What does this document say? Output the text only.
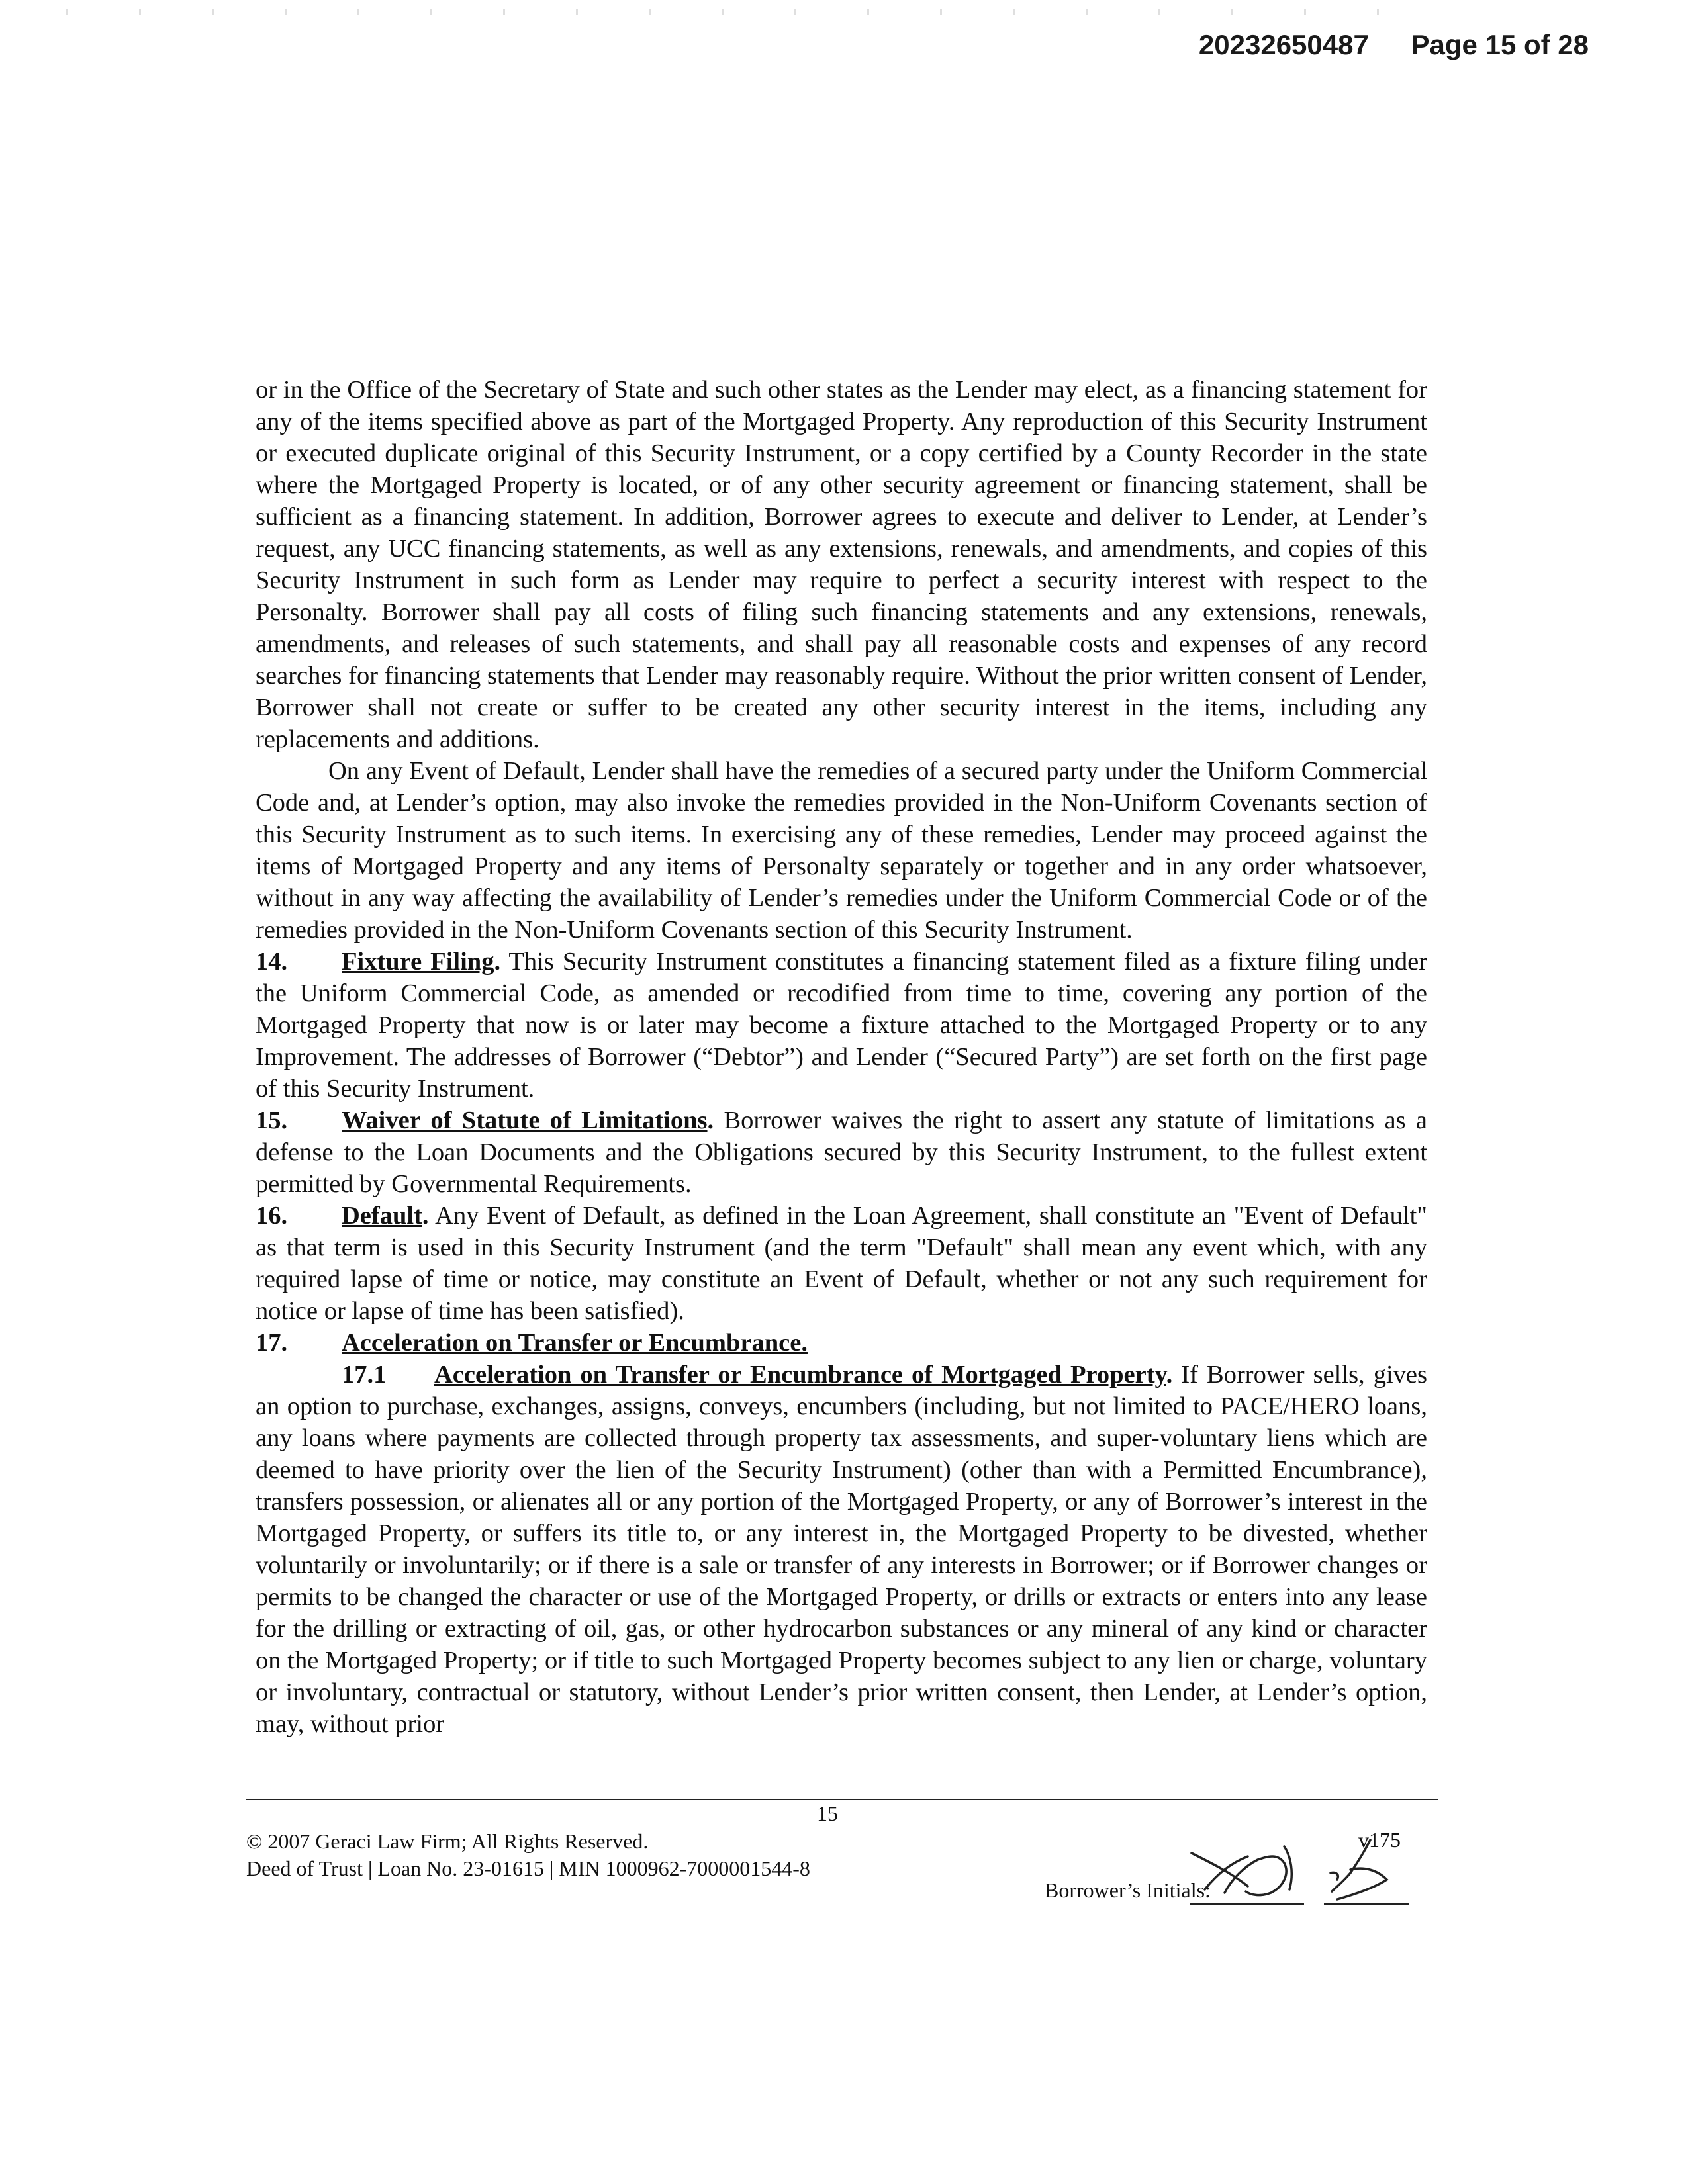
20232650487 Page 15 of 28

or in the Office of the Secretary of State and such other states as the Lender may elect, as a financing statement for any of the items specified above as part of the Mortgaged Property. Any reproduction of this Security Instrument or executed duplicate original of this Security Instrument, or a copy certified by a County Recorder in the state where the Mortgaged Property is located, or of any other security agreement or financing statement, shall be sufficient as a financing statement. In addition, Borrower agrees to execute and deliver to Lender, at Lender’s request, any UCC financing statements, as well as any extensions, renewals, and amendments, and copies of this Security Instrument in such form as Lender may require to perfect a security interest with respect to the Personalty. Borrower shall pay all costs of filing such financing statements and any extensions, renewals, amendments, and releases of such statements, and shall pay all reasonable costs and expenses of any record searches for financing statements that Lender may reasonably require. Without the prior written consent of Lender, Borrower shall not create or suffer to be created any other security interest in the items, including any replacements and additions.

On any Event of Default, Lender shall have the remedies of a secured party under the Uniform Commercial Code and, at Lender’s option, may also invoke the remedies provided in the Non-Uniform Covenants section of this Security Instrument as to such items. In exercising any of these remedies, Lender may proceed against the items of Mortgaged Property and any items of Personalty separately or together and in any order whatsoever, without in any way affecting the availability of Lender’s remedies under the Uniform Commercial Code or of the remedies provided in the Non-Uniform Covenants section of this Security Instrument.

14. Fixture Filing. This Security Instrument constitutes a financing statement filed as a fixture filing under the Uniform Commercial Code, as amended or recodified from time to time, covering any portion of the Mortgaged Property that now is or later may become a fixture attached to the Mortgaged Property or to any Improvement. The addresses of Borrower (“Debtor”) and Lender (“Secured Party”) are set forth on the first page of this Security Instrument.

15. Waiver of Statute of Limitations. Borrower waives the right to assert any statute of limitations as a defense to the Loan Documents and the Obligations secured by this Security Instrument, to the fullest extent permitted by Governmental Requirements.

16. Default. Any Event of Default, as defined in the Loan Agreement, shall constitute an "Event of Default" as that term is used in this Security Instrument (and the term "Default" shall mean any event which, with any required lapse of time or notice, may constitute an Event of Default, whether or not any such requirement for notice or lapse of time has been satisfied).

17. Acceleration on Transfer or Encumbrance.

17.1 Acceleration on Transfer or Encumbrance of Mortgaged Property. If Borrower sells, gives an option to purchase, exchanges, assigns, conveys, encumbers (including, but not limited to PACE/HERO loans, any loans where payments are collected through property tax assessments, and super-voluntary liens which are deemed to have priority over the lien of the Security Instrument) (other than with a Permitted Encumbrance), transfers possession, or alienates all or any portion of the Mortgaged Property, or any of Borrower’s interest in the Mortgaged Property, or suffers its title to, or any interest in, the Mortgaged Property to be divested, whether voluntarily or involuntarily; or if there is a sale or transfer of any interests in Borrower; or if Borrower changes or permits to be changed the character or use of the Mortgaged Property, or drills or extracts or enters into any lease for the drilling or extracting of oil, gas, or other hydrocarbon substances or any mineral of any kind or character on the Mortgaged Property; or if title to such Mortgaged Property becomes subject to any lien or charge, voluntary or involuntary, contractual or statutory, without Lender’s prior written consent, then Lender, at Lender’s option, may, without prior

15
© 2007 Geraci Law Firm; All Rights Reserved.
Deed of Trust | Loan No. 23-01615 | MIN 1000962-7000001544-8
v175
Borrower’s Initials:
